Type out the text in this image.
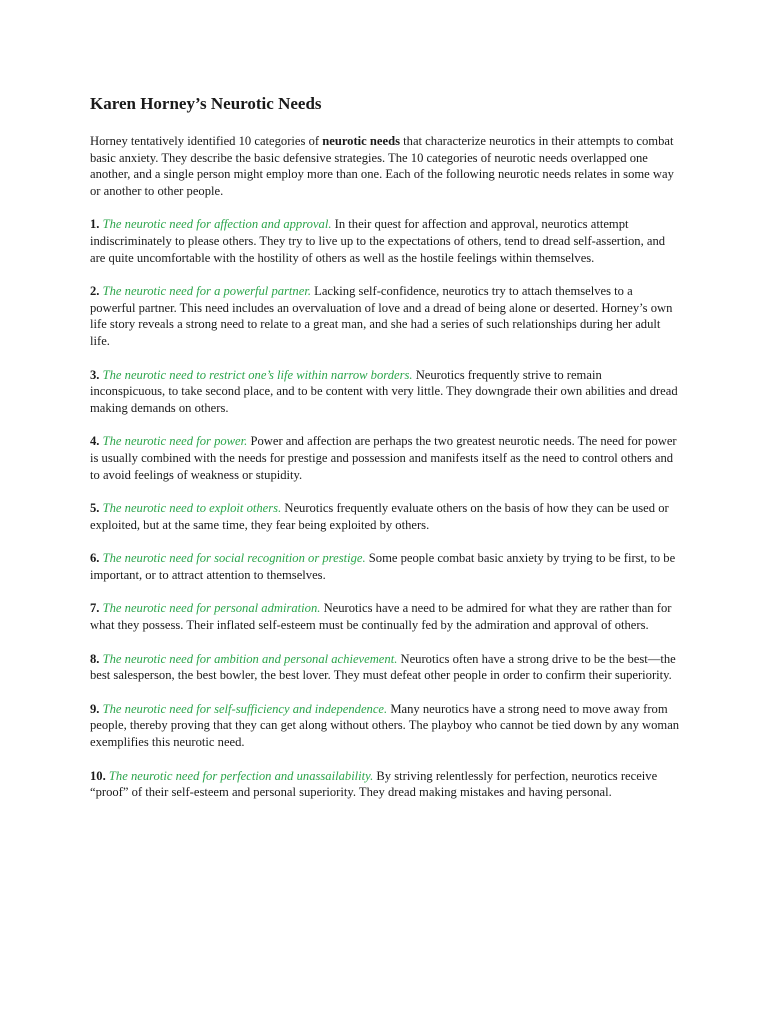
Karen Horney’s Neurotic Needs

Horney tentatively identified 10 categories of neurotic needs that characterize neurotics in their attempts to combat basic anxiety. They describe the basic defensive strategies. The 10 categories of neurotic needs overlapped one another, and a single person might employ more than one. Each of the following neurotic needs relates in some way or another to other people.

1. The neurotic need for affection and approval. In their quest for affection and approval, neurotics attempt indiscriminately to please others. They try to live up to the expectations of others, tend to dread self-assertion, and are quite uncomfortable with the hostility of others as well as the hostile feelings within themselves.

2. The neurotic need for a powerful partner. Lacking self-confidence, neurotics try to attach themselves to a powerful partner. This need includes an overvaluation of love and a dread of being alone or deserted. Horney’s own life story reveals a strong need to relate to a great man, and she had a series of such relationships during her adult life.

3. The neurotic need to restrict one’s life within narrow borders. Neurotics frequently strive to remain inconspicuous, to take second place, and to be content with very little. They downgrade their own abilities and dread making demands on others.

4. The neurotic need for power. Power and affection are perhaps the two greatest neurotic needs. The need for power is usually combined with the needs for prestige and possession and manifests itself as the need to control others and to avoid feelings of weakness or stupidity.

5. The neurotic need to exploit others. Neurotics frequently evaluate others on the basis of how they can be used or exploited, but at the same time, they fear being exploited by others.

6. The neurotic need for social recognition or prestige. Some people combat basic anxiety by trying to be first, to be important, or to attract attention to themselves.

7. The neurotic need for personal admiration. Neurotics have a need to be admired for what they are rather than for what they possess. Their inflated self-esteem must be continually fed by the admiration and approval of others.

8. The neurotic need for ambition and personal achievement. Neurotics often have a strong drive to be the best—the best salesperson, the best bowler, the best lover. They must defeat other people in order to confirm their superiority.

9. The neurotic need for self-sufficiency and independence. Many neurotics have a strong need to move away from people, thereby proving that they can get along without others. The playboy who cannot be tied down by any woman exemplifies this neurotic need.

10. The neurotic need for perfection and unassailability. By striving relentlessly for perfection, neurotics receive “proof” of their self-esteem and personal superiority. They dread making mistakes and having personal.
